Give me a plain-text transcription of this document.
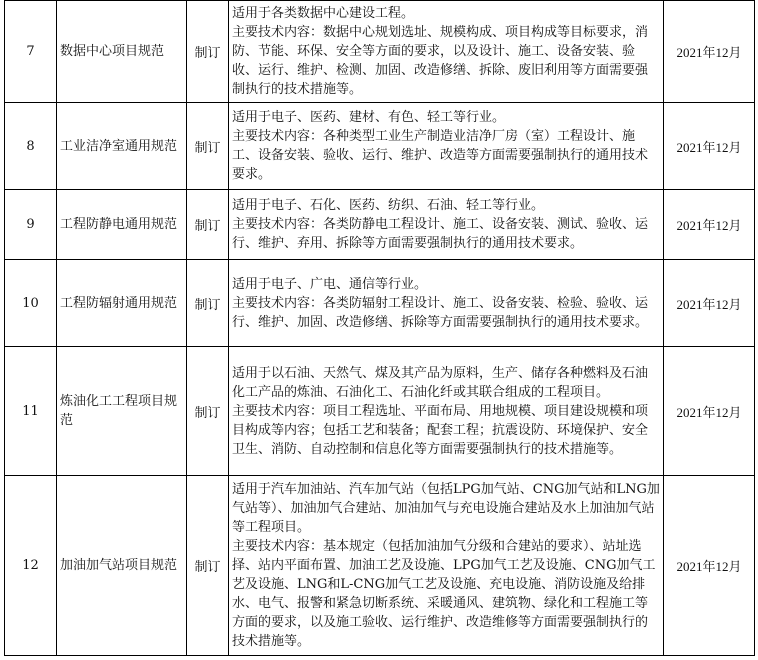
7	数据中心项目规范	制订	适用于各类数据中心建设工程。
主要技术内容：数据中心规划选址、规模构成、项目构成等目标要求，消防、节能、环保、安全等方面的要求，以及设计、施工、设备安装、验收、运行、维护、检测、加固、改造修缮、拆除、废旧利用等方面需要强制执行的技术措施等。	2021年12月
8	工业洁净室通用规范	制订	适用于电子、医药、建材、有色、轻工等行业。
主要技术内容：各种类型工业生产制造业洁净厂房（室）工程设计、施工、设备安装、验收、运行、维护、改造等方面需要强制执行的通用技术要求。	2021年12月
9	工程防静电通用规范	制订	适用于电子、石化、医药、纺织、石油、轻工等行业。
主要技术内容：各类防静电工程设计、施工、设备安装、测试、验收、运行、维护、弃用、拆除等方面需要强制执行的通用技术要求。	2021年12月
10	工程防辐射通用规范	制订	适用于电子、广电、通信等行业。
主要技术内容：各类防辐射工程设计、施工、设备安装、检验、验收、运行、维护、加固、改造修缮、拆除等方面需要强制执行的通用技术要求。	2021年12月
11	炼油化工工程项目规范	制订	适用于以石油、天然气、煤及其产品为原料，生产、储存各种燃料及石油化工产品的炼油、石油化工、石油化纤或其联合组成的工程项目。
主要技术内容：项目工程选址、平面布局、用地规模、项目建设规模和项目构成等内容；包括工艺和装备；配套工程；抗震设防、环境保护、安全卫生、消防、自动控制和信息化等方面需要强制执行的技术措施等。	2021年12月
12	加油加气站项目规范	制订	适用于汽车加油站、汽车加气站（包括LPG加气站、CNG加气站和LNG加气站等）、加油加气合建站、加油加气与充电设施合建站及水上加油加气站等工程项目。
主要技术内容：基本规定（包括加油加气分级和合建站的要求）、站址选择、站内平面布置、加油工艺及设施、LPG加气工艺及设施、CNG加气工艺及设施、LNG和L-CNG加气工艺及设施、充电设施、消防设施及给排水、电气、报警和紧急切断系统、采暖通风、建筑物、绿化和工程施工等方面的要求，以及施工验收、运行维护、改造维修等方面需要强制执行的技术措施等。	2021年12月
